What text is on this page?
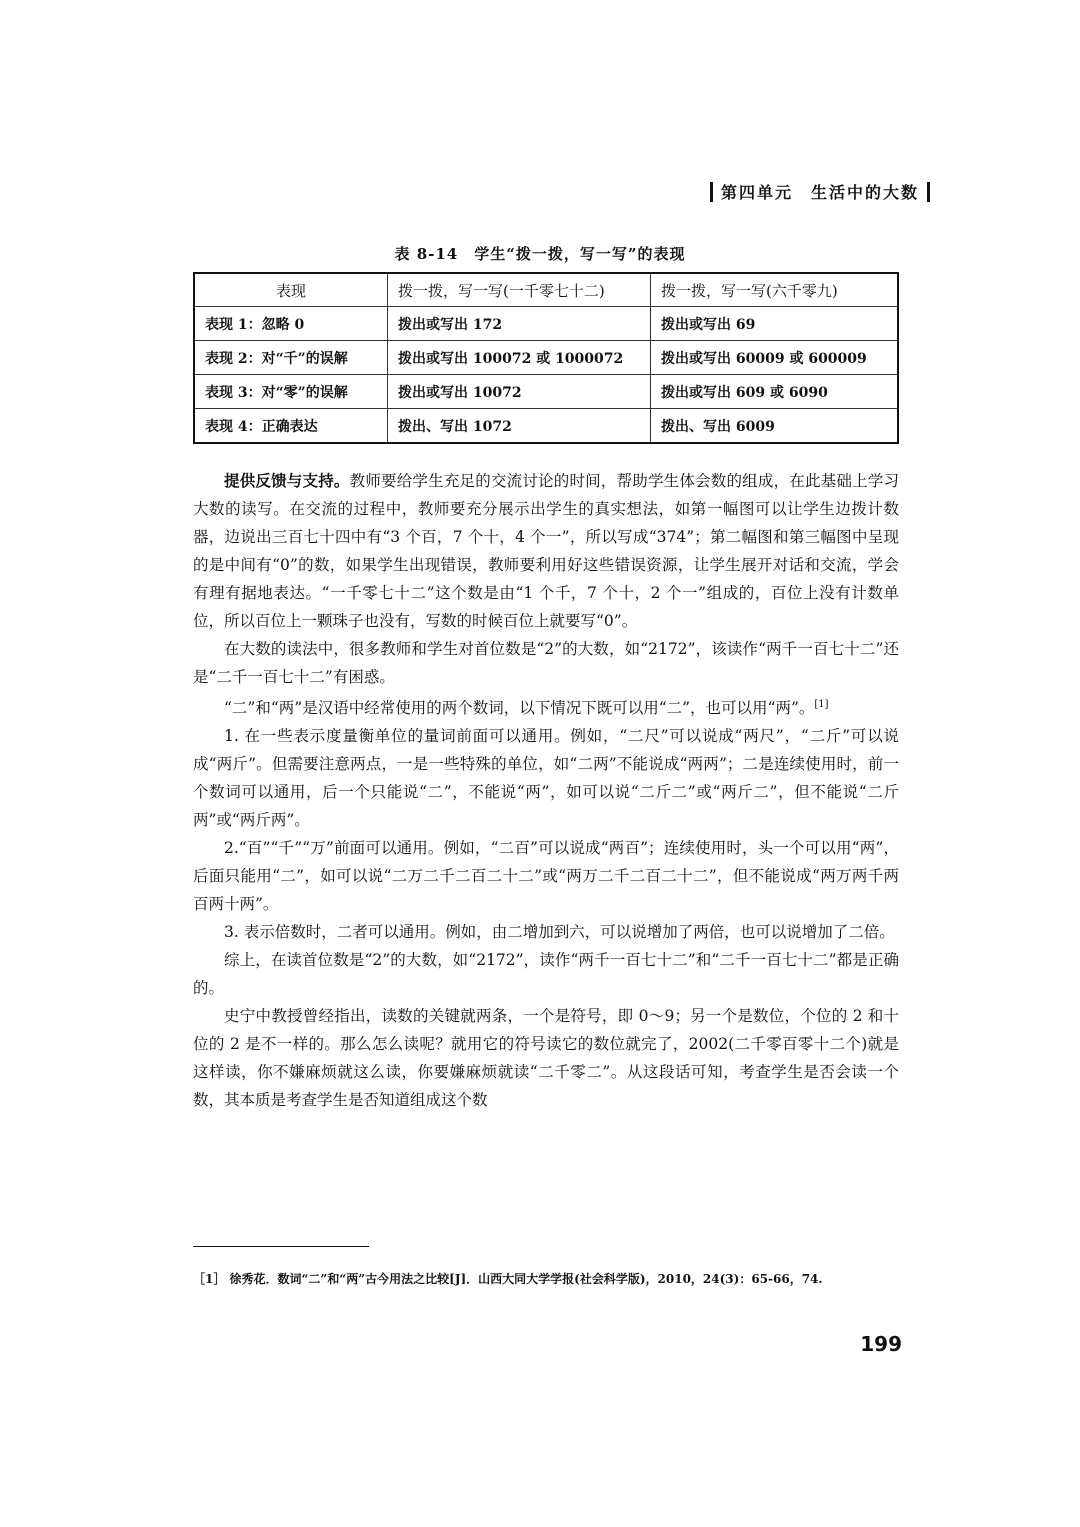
第四单元 生活中的大数
表 8-14　学生“拨一拨，写一写”的表现
表现	拨一拨，写一写(一千零七十二)	拨一拨，写一写(六千零九)
表现 1：忽略 0	拨出或写出 172	拨出或写出 69
表现 2：对“千”的误解	拨出或写出 100072 或 1000072	拨出或写出 60009 或 600009
表现 3：对“零”的误解	拨出或写出 10072	拨出或写出 609 或 6090
表现 4：正确表达	拨出、写出 1072	拨出、写出 6009

提供反馈与支持。教师要给学生充足的交流讨论的时间，帮助学生体会数的组成，在此基础上学习大数的读写。在交流的过程中，教师要充分展示出学生的真实想法，如第一幅图可以让学生边拨计数器，边说出三百七十四中有“3 个百，7 个十，4 个一”，所以写成“374”；第二幅图和第三幅图中呈现的是中间有“0”的数，如果学生出现错误，教师要利用好这些错误资源，让学生展开对话和交流，学会有理有据地表达。“一千零七十二”这个数是由“1 个千，7 个十，2 个一”组成的，百位上没有计数单位，所以百位上一颗珠子也没有，写数的时候百位上就要写“0”。

在大数的读法中，很多教师和学生对首位数是“2”的大数，如“2172”，该读作“两千一百七十二”还是“二千一百七十二”有困惑。

“二”和“两”是汉语中经常使用的两个数词，以下情况下既可以用“二”，也可以用“两”。[1]

1. 在一些表示度量衡单位的量词前面可以通用。例如，“二尺”可以说成“两尺”，“二斤”可以说成“两斤”。但需要注意两点，一是一些特殊的单位，如“二两”不能说成“两两”；二是连续使用时，前一个数词可以通用，后一个只能说“二”，不能说“两”，如可以说“二斤二”或“两斤二”，但不能说“二斤两”或“两斤两”。

2.“百”“千”“万”前面可以通用。例如，“二百”可以说成“两百”；连续使用时，头一个可以用“两”，后面只能用“二”，如可以说“二万二千二百二十二”或“两万二千二百二十二”，但不能说成“两万两千两百两十两”。

3. 表示倍数时，二者可以通用。例如，由二增加到六，可以说增加了两倍，也可以说增加了二倍。

综上，在读首位数是“2”的大数，如“2172”，读作“两千一百七十二”和“二千一百七十二”都是正确的。

史宁中教授曾经指出，读数的关键就两条，一个是符号，即 0～9；另一个是数位，个位的 2 和十位的 2 是不一样的。那么怎么读呢？就用它的符号读它的数位就完了，2002(二千零百零十二个)就是这样读，你不嫌麻烦就这么读，你要嫌麻烦就读“二千零二”。从这段话可知，考查学生是否会读一个数，其本质是考查学生是否知道组成这个数

［1］ 徐秀花．数词“二”和“两”古今用法之比较[J]．山西大同大学学报(社会科学版)，2010，24(3)：65-66，74.
199
